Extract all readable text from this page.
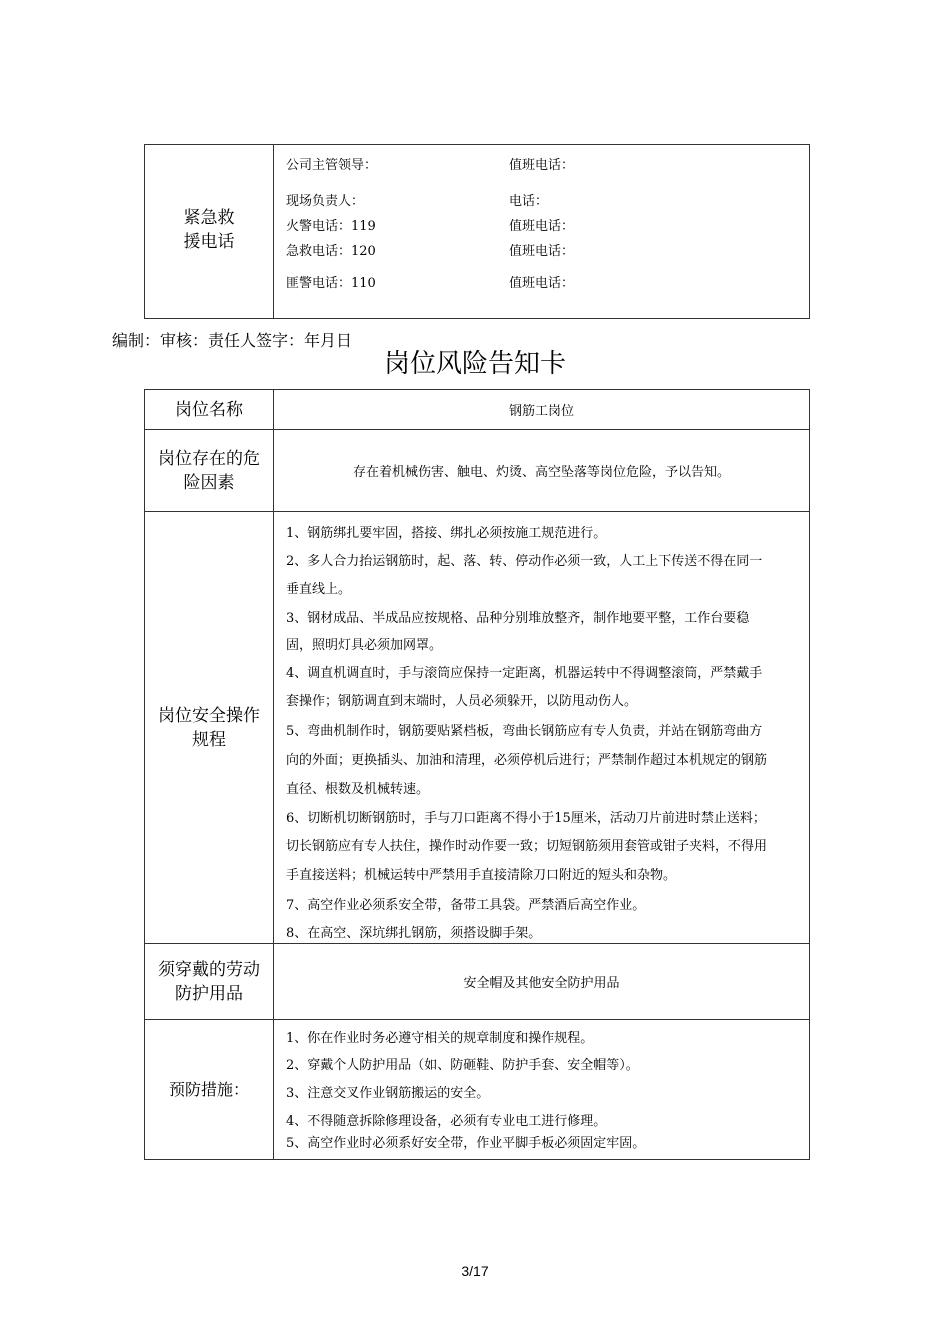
紧急救
援电话
公司主管领导：	值班电话：
现场负责人：	电话：
火警电话：119	值班电话：
急救电话：120	值班电话：
匪警电话：110	值班电话：
编制：审核：责任人签字：年月日
岗位风险告知卡
岗位名称	钢筋工岗位
岗位存在的危
险因素	存在着机械伤害、触电、灼烫、高空坠落等岗位危险，予以告知。
岗位安全操作
规程
1、钢筋绑扎要牢固，搭接、绑扎必须按施工规范进行。
2、多人合力抬运钢筋时，起、落、转、停动作必须一致，人工上下传送不得在同一
垂直线上。
3、钢材成品、半成品应按规格、品种分别堆放整齐，制作地要平整，工作台要稳
固，照明灯具必须加网罩。
4、调直机调直时，手与滚筒应保持一定距离，机器运转中不得调整滚筒，严禁戴手
套操作；钢筋调直到末端时，人员必须躲开，以防甩动伤人。
5、弯曲机制作时，钢筋要贴紧档板，弯曲长钢筋应有专人负责，并站在钢筋弯曲方
向的外面；更换插头、加油和清理，必须停机后进行；严禁制作超过本机规定的钢筋
直径、根数及机械转速。
6、切断机切断钢筋时，手与刀口距离不得小于15厘米，活动刀片前进时禁止送料；
切长钢筋应有专人扶住，操作时动作要一致；切短钢筋须用套管或钳子夹料，不得用
手直接送料；机械运转中严禁用手直接清除刀口附近的短头和杂物。
7、高空作业必须系安全带，备带工具袋。严禁酒后高空作业。
8、在高空、深坑绑扎钢筋，须搭设脚手架。
须穿戴的劳动
防护用品	安全帽及其他安全防护用品
预防措施：
1、你在作业时务必遵守相关的规章制度和操作规程。
2、穿戴个人防护用品（如、防砸鞋、防护手套、安全帽等）。
3、注意交叉作业钢筋搬运的安全。
4、不得随意拆除修理设备，必须有专业电工进行修理。
5、高空作业时必须系好安全带，作业平脚手板必须固定牢固。
3/17
